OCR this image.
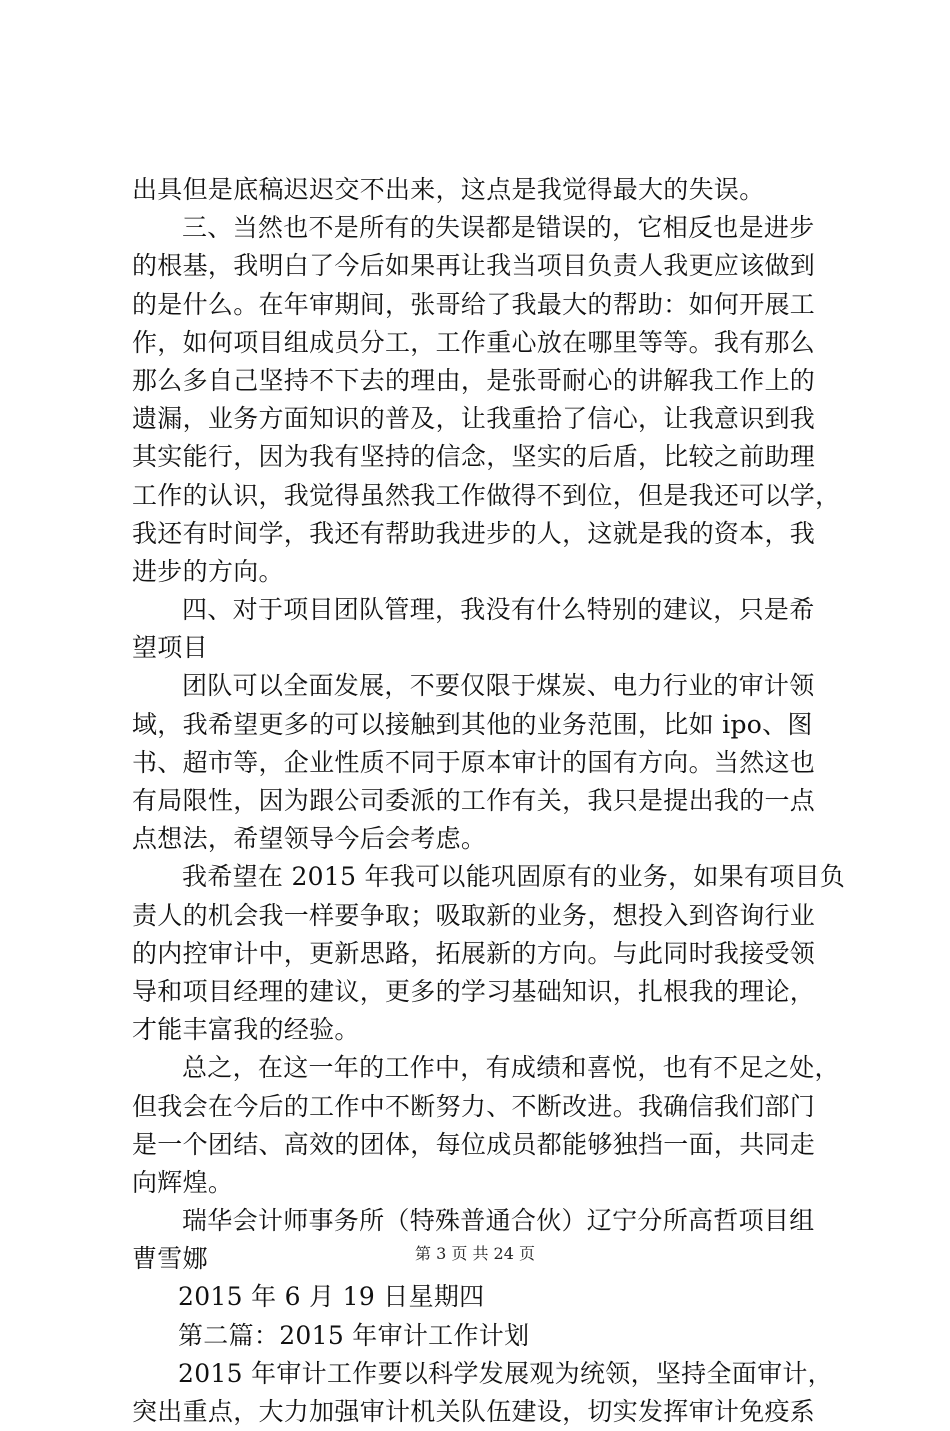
出具但是底稿迟迟交不出来，这点是我觉得最大的失误。
三、当然也不是所有的失误都是错误的，它相反也是进步
的根基，我明白了今后如果再让我当项目负责人我更应该做到
的是什么。在年审期间，张哥给了我最大的帮助：如何开展工
作，如何项目组成员分工，工作重心放在哪里等等。我有那么
那么多自己坚持不下去的理由，是张哥耐心的讲解我工作上的
遗漏，业务方面知识的普及，让我重拾了信心，让我意识到我
其实能行，因为我有坚持的信念，坚实的后盾，比较之前助理
工作的认识，我觉得虽然我工作做得不到位，但是我还可以学，
我还有时间学，我还有帮助我进步的人，这就是我的资本，我
进步的方向。
四、对于项目团队管理，我没有什么特别的建议，只是希
望项目
团队可以全面发展，不要仅限于煤炭、电力行业的审计领
域，我希望更多的可以接触到其他的业务范围，比如 ipo、图
书、超市等，企业性质不同于原本审计的国有方向。当然这也
有局限性，因为跟公司委派的工作有关，我只是提出我的一点
点想法，希望领导今后会考虑。
我希望在 2015 年我可以能巩固原有的业务，如果有项目负
责人的机会我一样要争取；吸取新的业务，想投入到咨询行业
的内控审计中，更新思路，拓展新的方向。与此同时我接受领
导和项目经理的建议，更多的学习基础知识，扎根我的理论，
才能丰富我的经验。
总之，在这一年的工作中，有成绩和喜悦，也有不足之处，
但我会在今后的工作中不断努力、不断改进。我确信我们部门
是一个团结、高效的团体，每位成员都能够独挡一面，共同走
向辉煌。
瑞华会计师事务所（特殊普通合伙）辽宁分所高哲项目组
曹雪娜
2015 年 6 月 19 日星期四
第二篇：2015 年审计工作计划
2015 年审计工作要以科学发展观为统领，坚持全面审计，
突出重点，大力加强审计机关队伍建设，切实发挥审计免疫系
第 3 页 共 24 页
